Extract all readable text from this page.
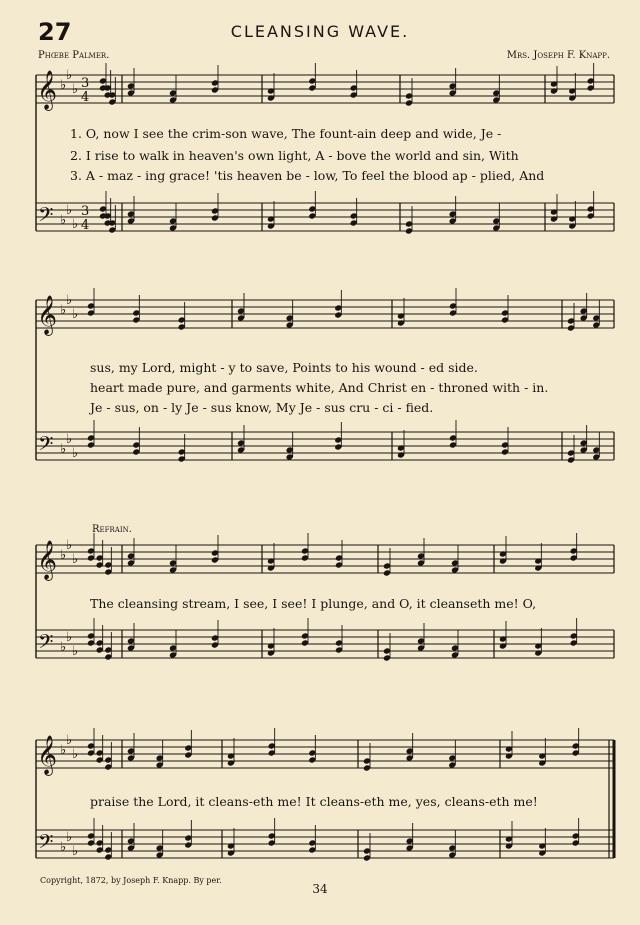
𝄞 ♭
♭
♭ 3
4
𝄢 ♭
♭
♭
3
4
𝄞 ♭
♭
♭
𝄢 ♭
♭
♭
𝄞 ♭
♭
♭
𝄢 ♭
♭
♭
𝄞 ♭
♭
♭
𝄢 ♭
♭
♭
27	CLEANSING WAVE.
Phœbe Palmer.	Mrs. Joseph F. Knapp.
1. O, now I see the crim-son wave, The fount-ain deep and wide, Je -
2. I rise to walk in heaven's own light, A - bove the world and sin, With
3. A - maz - ing grace! 'tis heaven be - low, To feel the blood ap - plied, And
sus, my Lord, might - y to save, Points to his wound - ed side.
heart made pure, and garments white, And Christ en - throned with - in.
Je - sus, on - ly Je - sus know, My Je - sus cru - ci - fied.
Refrain.
The cleansing stream, I see, I see! I plunge, and O, it cleanseth me! O,
praise the Lord, it cleans-eth me! It cleans-eth me, yes, cleans-eth me!
Copyright, 1872, by Joseph F. Knapp. By per.
34
